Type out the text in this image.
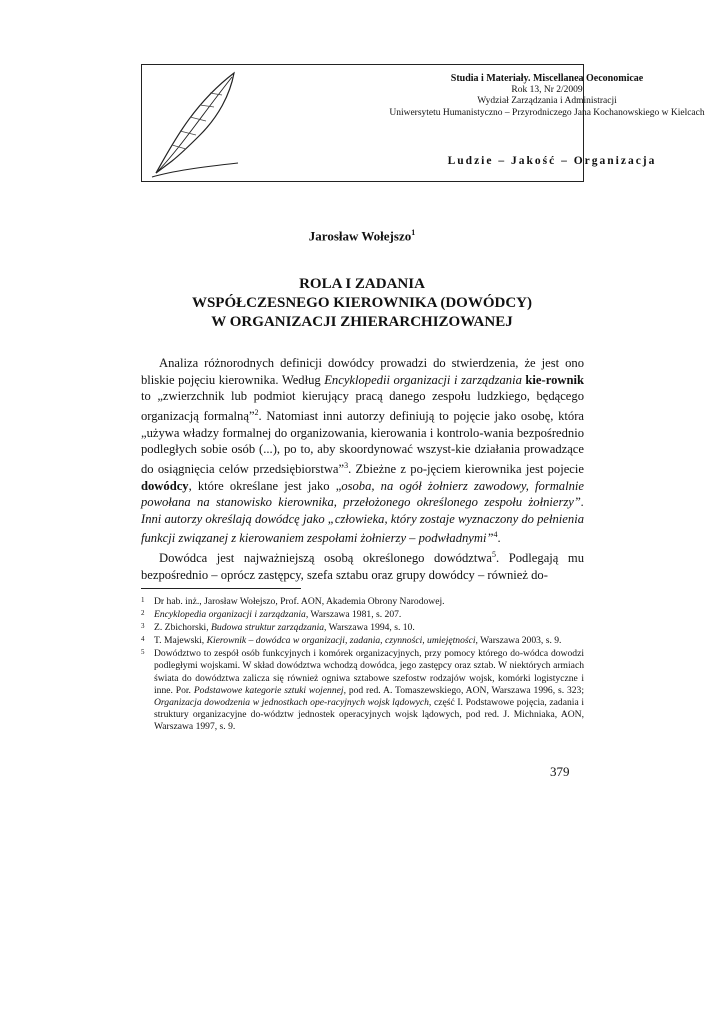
Studia i Materiały. Miscellanea Oeconomicae
Rok 13, Nr 2/2009
Wydział Zarządzania i Administracji
Uniwersytetu Humanistyczno – Przyrodniczego Jana Kochanowskiego w Kielcach
Ludzie – Jakość – Organizacja
Jarosław Wołejszo$^1$
ROLA I ZADANIA
WSPÓŁCZESNEGO KIEROWNIKA (DOWÓDCY)
W ORGANIZACJI ZHIERARCHIZOWANEJ

Analiza różnorodnych definicji dowódcy prowadzi do stwierdzenia, że jest ono bliskie pojęciu kierownika. Według Encyklopedii organizacji i zarządzania kie-rownik to „zwierzchnik lub podmiot kierujący pracą danego zespołu ludzkiego, będącego organizacją formalną”$^2$. Natomiast inni autorzy definiują to pojęcie jako osobę, która „używa władzy formalnej do organizowania, kierowania i kontrolo-wania bezpośrednio podległych sobie osób (...), po to, aby skoordynować wszyst-kie działania prowadzące do osiągnięcia celów przedsiębiorstwa”$^3$. Zbieżne z po-jęciem kierownika jest pojecie dowódcy, które określane jest jako „osoba, na ogół żołnierz zawodowy, formalnie powołana na stanowisko kierownika, przełożonego określonego zespołu żołnierzy”. Inni autorzy określają dowódcę jako „człowieka, który zostaje wyznaczony do pełnienia funkcji związanej z kierowaniem zespołami żołnierzy – podwładnymi”$^4$.

Dowódca jest najważniejszą osobą określonego dowództwa$^5$. Podlegają mu bezpośrednio – oprócz zastępcy, szefa sztabu oraz grupy dowódcy – również do-

1 Dr hab. inż., Jarosław Wołejszo, Prof. AON, Akademia Obrony Narodowej.
2 Encyklopedia organizacji i zarządzania, Warszawa 1981, s. 207.
3 Z. Zbichorski, Budowa struktur zarządzania, Warszawa 1994, s. 10.
4 T. Majewski, Kierownik – dowódca w organizacji, zadania, czynności, umiejętności, Warszawa 2003, s. 9.
5 Dowództwo to zespół osób funkcyjnych i komórek organizacyjnych, przy pomocy którego do-wódca dowodzi podległymi wojskami. W skład dowództwa wchodzą dowódca, jego zastępcy oraz sztab. W niektórych armiach świata do dowództwa zalicza się również ogniwa sztabowe szefostw rodzajów wojsk, komórki logistyczne i inne. Por. Podstawowe kategorie sztuki wojennej, pod red. A. Tomaszewskiego, AON, Warszawa 1996, s. 323; Organizacja dowodzenia w jednostkach ope-racyjnych wojsk lądowych, część I. Podstawowe pojęcia, zadania i struktury organizacyjne do-wództw jednostek operacyjnych wojsk lądowych, pod red. J. Michniaka, AON, Warszawa 1997, s. 9.
379
